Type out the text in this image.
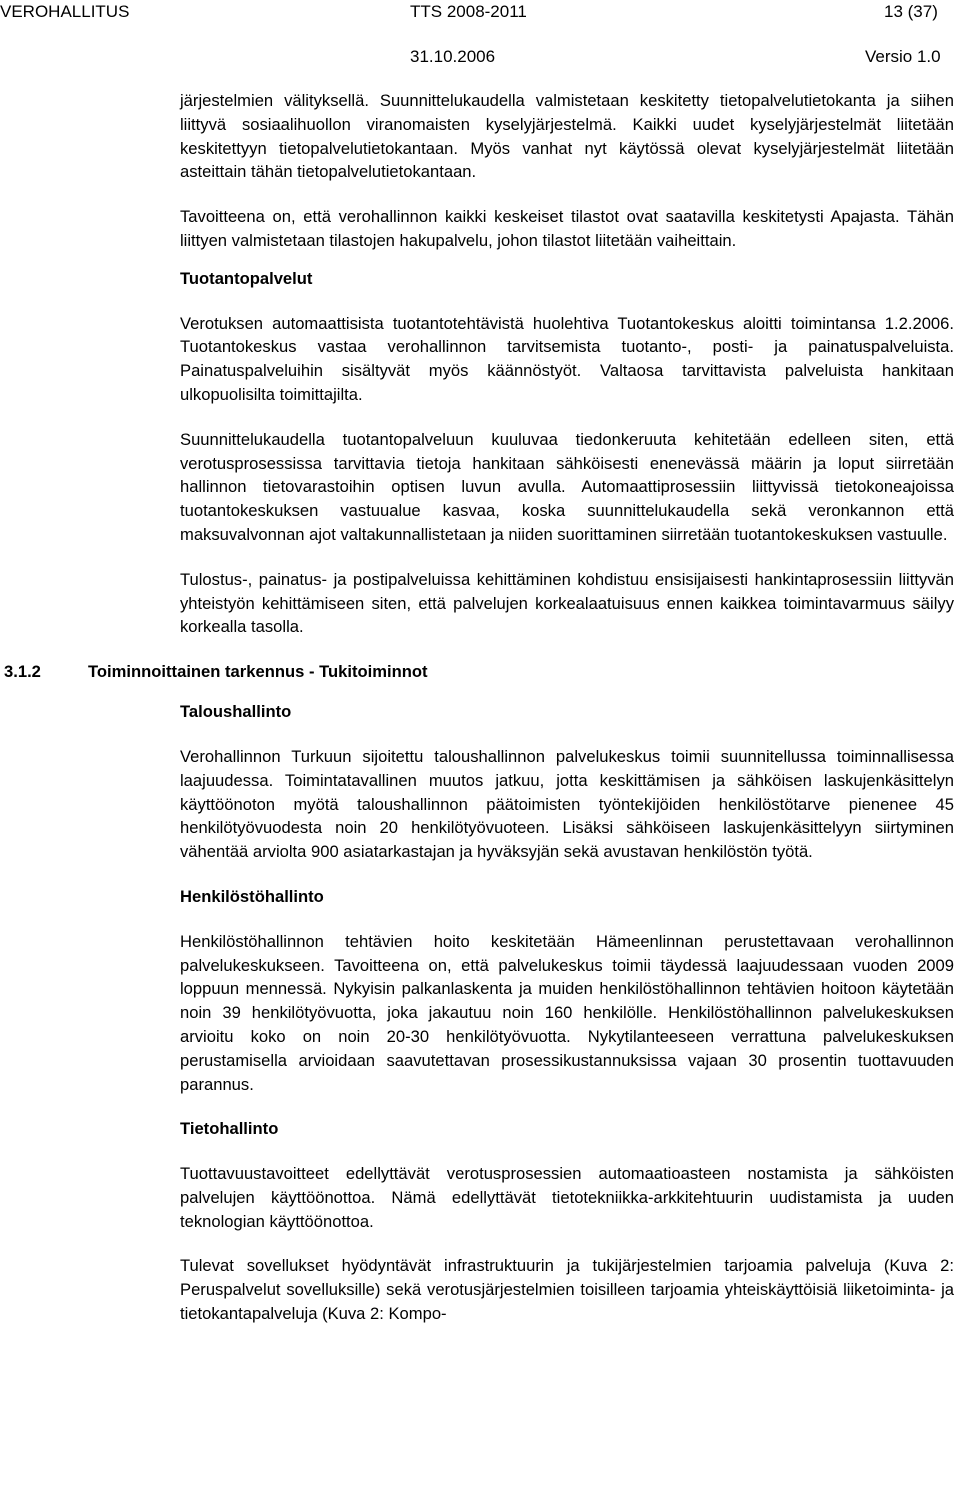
VEROHALLITUS	TTS 2008-2011	13 (37)
31.10.2006	Versio 1.0

järjestelmien välityksellä. Suunnittelukaudella valmistetaan keskitetty tietopalvelutietokanta ja siihen liittyvä sosiaalihuollon viranomaisten kyselyjärjestelmä. Kaikki uudet kyselyjärjestelmät liitetään keskitettyyn tietopalvelutietokantaan. Myös vanhat nyt käytössä olevat kyselyjärjestelmät liitetään asteittain tähän tietopalvelutietokantaan.

Tavoitteena on, että verohallinnon kaikki keskeiset tilastot ovat saatavilla keskitetysti Apajasta. Tähän liittyen valmistetaan tilastojen hakupalvelu, johon tilastot liitetään vaiheittain.

Tuotantopalvelut

Verotuksen automaattisista tuotantotehtävistä huolehtiva Tuotantokeskus aloitti toimintansa 1.2.2006. Tuotantokeskus vastaa verohallinnon tarvitsemista tuotanto-, posti- ja painatuspalveluista. Painatuspalveluihin sisältyvät myös käännöstyöt. Valtaosa tarvittavista palveluista hankitaan ulkopuolisilta toimittajilta.

Suunnittelukaudella tuotantopalveluun kuuluvaa tiedonkeruuta kehitetään edelleen siten, että verotusprosessissa tarvittavia tietoja hankitaan sähköisesti enenevässä määrin ja loput siirretään hallinnon tietovarastoihin optisen luvun avulla. Automaattiprosessiin liittyvissä tietokoneajoissa tuotantokeskuksen vastuualue kasvaa, koska suunnittelukaudella sekä veronkannon että maksuvalvonnan ajot valtakunnallistetaan ja niiden suorittaminen siirretään tuotantokeskuksen vastuulle.

Tulostus-, painatus- ja postipalveluissa kehittäminen kohdistuu ensisijaisesti hankintaprosessiin liittyvän yhteistyön kehittämiseen siten, että palvelujen korkealaatuisuus ennen kaikkea toimintavarmuus säilyy korkealla tasolla.

3.1.2	Toiminnoittainen tarkennus - Tukitoiminnot
Taloushallinto

Verohallinnon Turkuun sijoitettu taloushallinnon palvelukeskus toimii suunnitellussa toiminnallisessa laajuudessa. Toimintatavallinen muutos jatkuu, jotta keskittämisen ja sähköisen laskujenkäsittelyn käyttöönoton myötä taloushallinnon päätoimisten työntekijöiden henkilöstötarve pienenee 45 henkilötyövuodesta noin 20 henkilötyövuoteen. Lisäksi sähköiseen laskujenkäsittelyyn siirtyminen vähentää arviolta 900 asiatarkastajan ja hyväksyjän sekä avustavan henkilöstön työtä.

Henkilöstöhallinto

Henkilöstöhallinnon tehtävien hoito keskitetään Hämeenlinnan perustettavaan verohallinnon palvelukeskukseen. Tavoitteena on, että palvelukeskus toimii täydessä laajuudessaan vuoden 2009 loppuun mennessä. Nykyisin palkanlaskenta ja muiden henkilöstöhallinnon tehtävien hoitoon käytetään noin 39 henkilötyövuotta, joka jakautuu noin 160 henkilölle. Henkilöstöhallinnon palvelukeskuksen arvioitu koko on noin 20-30 henkilötyövuotta. Nykytilanteeseen verrattuna palvelukeskuksen perustamisella arvioidaan saavutettavan prosessikustannuksissa vajaan 30 prosentin tuottavuuden parannus.

Tietohallinto

Tuottavuustavoitteet edellyttävät verotusprosessien automaatioasteen nostamista ja sähköisten palvelujen käyttöönottoa. Nämä edellyttävät tietotekniikka-arkkitehtuurin uudistamista ja uuden teknologian käyttöönottoa.

Tulevat sovellukset hyödyntävät infrastruktuurin ja tukijärjestelmien tarjoamia palveluja (Kuva 2: Peruspalvelut sovelluksille) sekä verotusjärjestelmien toisilleen tarjoamia yhteiskäyttöisiä liiketoiminta- ja tietokantapalveluja (Kuva 2: Kompo-
